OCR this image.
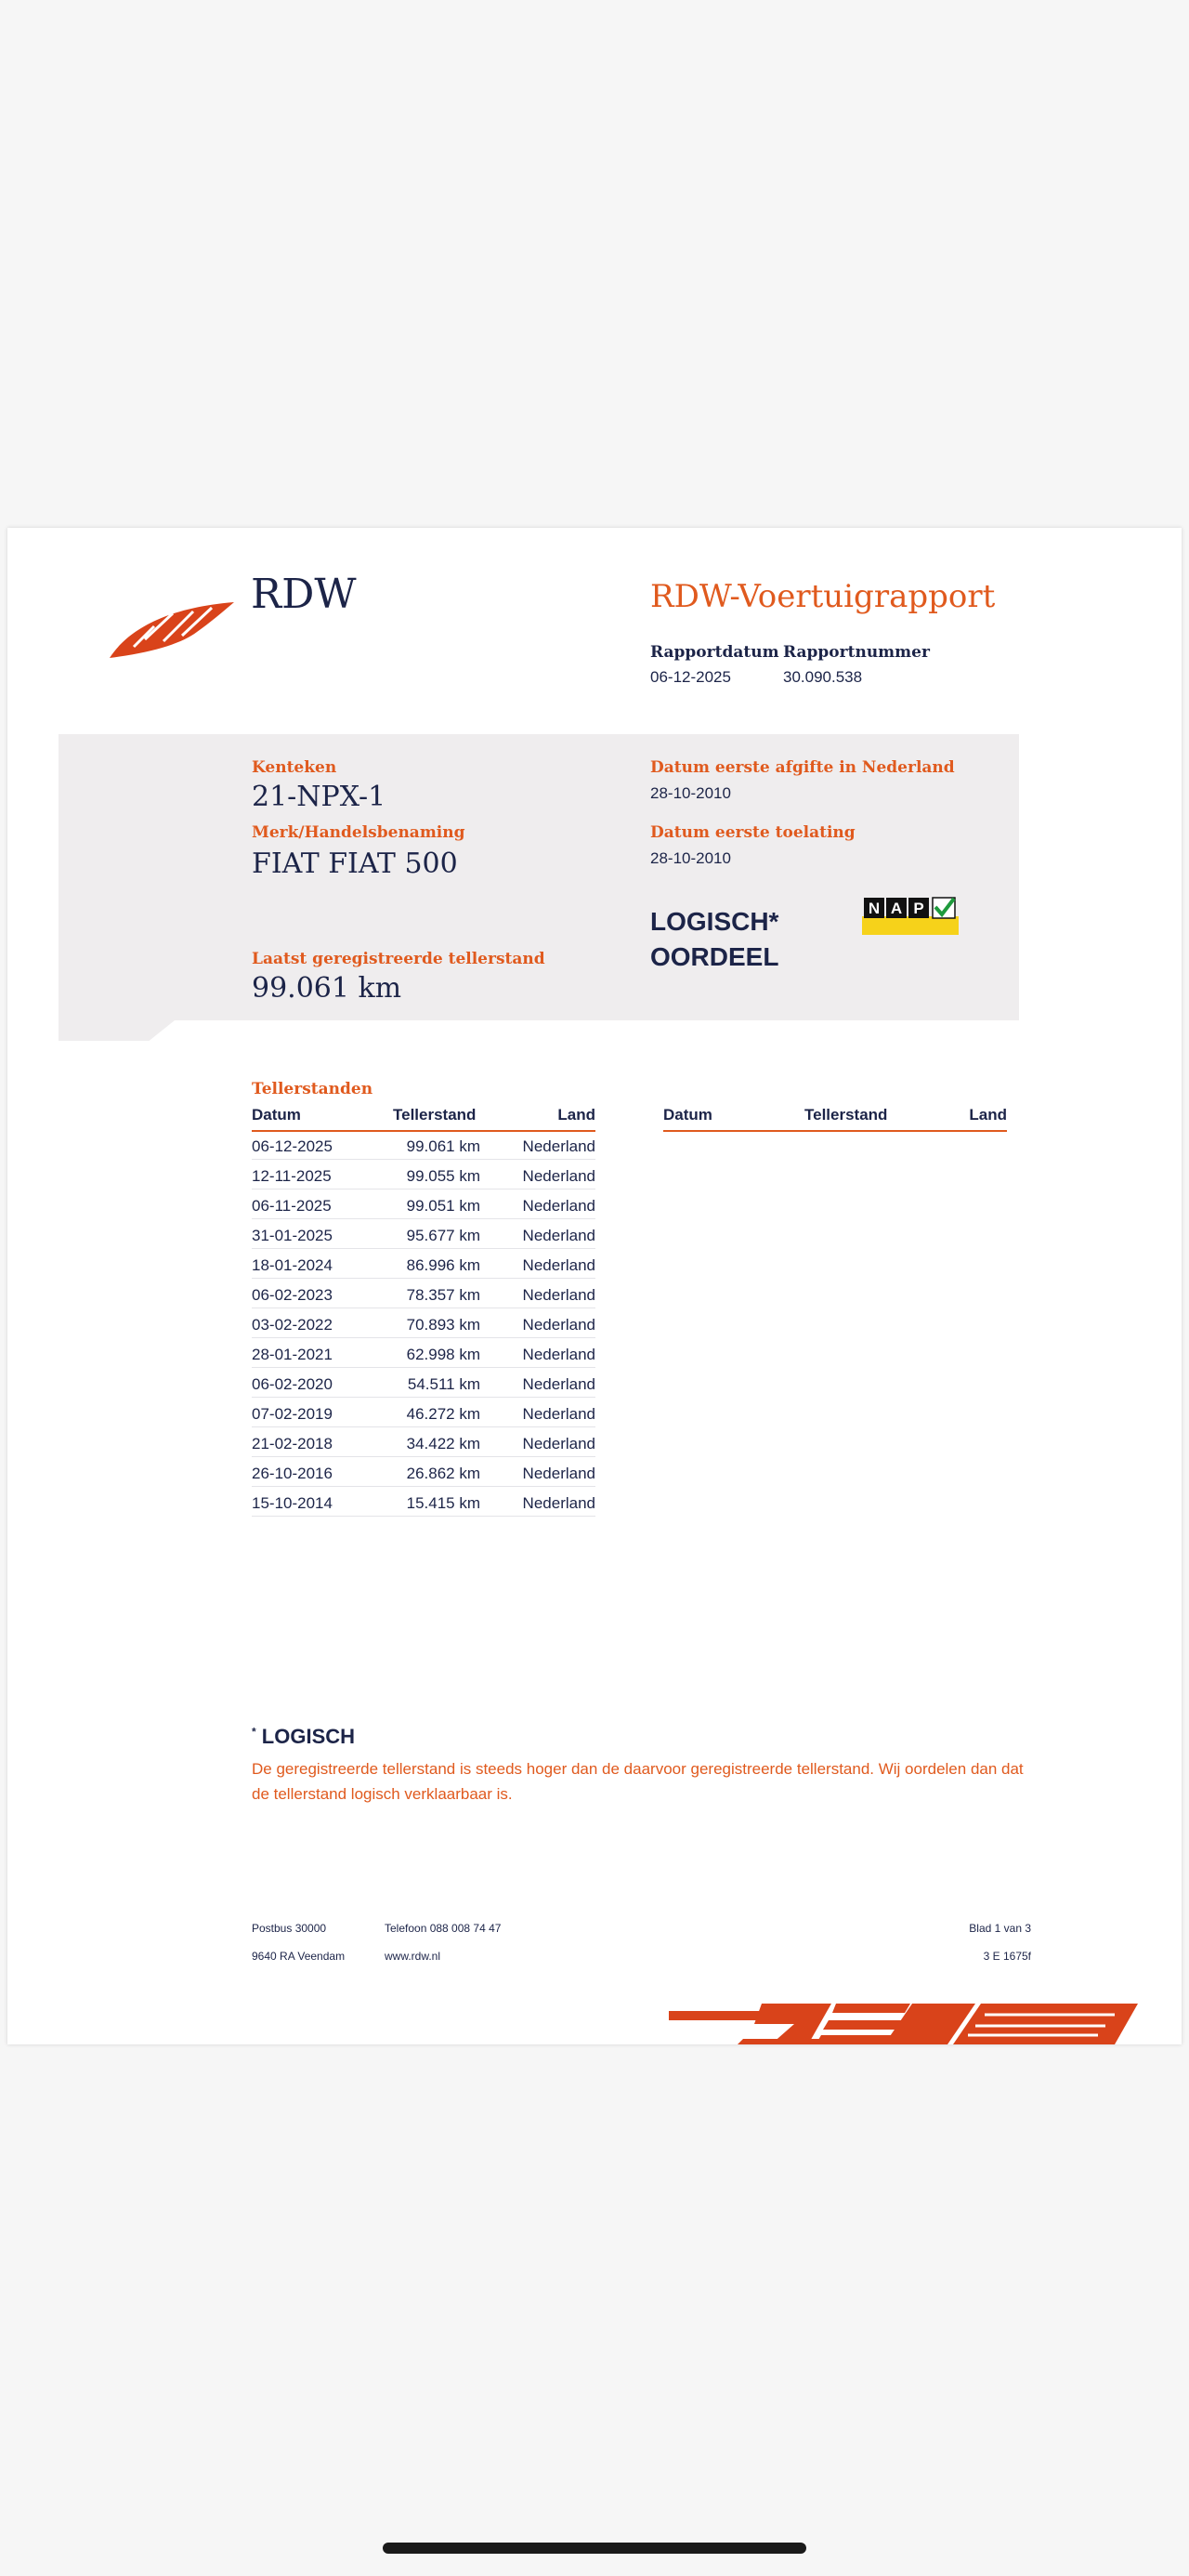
RDW	RDW-Voertuigrapport
Rapportdatum
06-12-2025
Rapportnummer
30.090.538
Kenteken
21-NPX-1
Merk/Handelsbenaming
FIAT FIAT 500
Laatst geregistreerde tellerstand
99.061 km
Datum eerste afgifte in Nederland
28-10-2010
Datum eerste toelating
28-10-2010
LOGISCH*
OORDEEL
N A P
Tellerstanden
Datum	Tellerstand	Land	Datum	Tellerstand	Land
06-12-2025	99.061 km	Nederland
12-11-2025	99.055 km	Nederland
06-11-2025	99.051 km	Nederland
31-01-2025	95.677 km	Nederland
18-01-2024	86.996 km	Nederland
06-02-2023	78.357 km	Nederland
03-02-2022	70.893 km	Nederland
28-01-2021	62.998 km	Nederland
06-02-2020	54.511 km	Nederland
07-02-2019	46.272 km	Nederland
21-02-2018	34.422 km	Nederland
26-10-2016	26.862 km	Nederland
15-10-2014	15.415 km	Nederland
* LOGISCH
De geregistreerde tellerstand is steeds hoger dan de daarvoor geregistreerde tellerstand. Wij oordelen dan dat de tellerstand logisch verklaarbaar is.
Postbus 30000
9640 RA Veendam
Telefoon 088 008 74 47
www.rdw.nl
Blad 1 van 3
3 E 1675f
